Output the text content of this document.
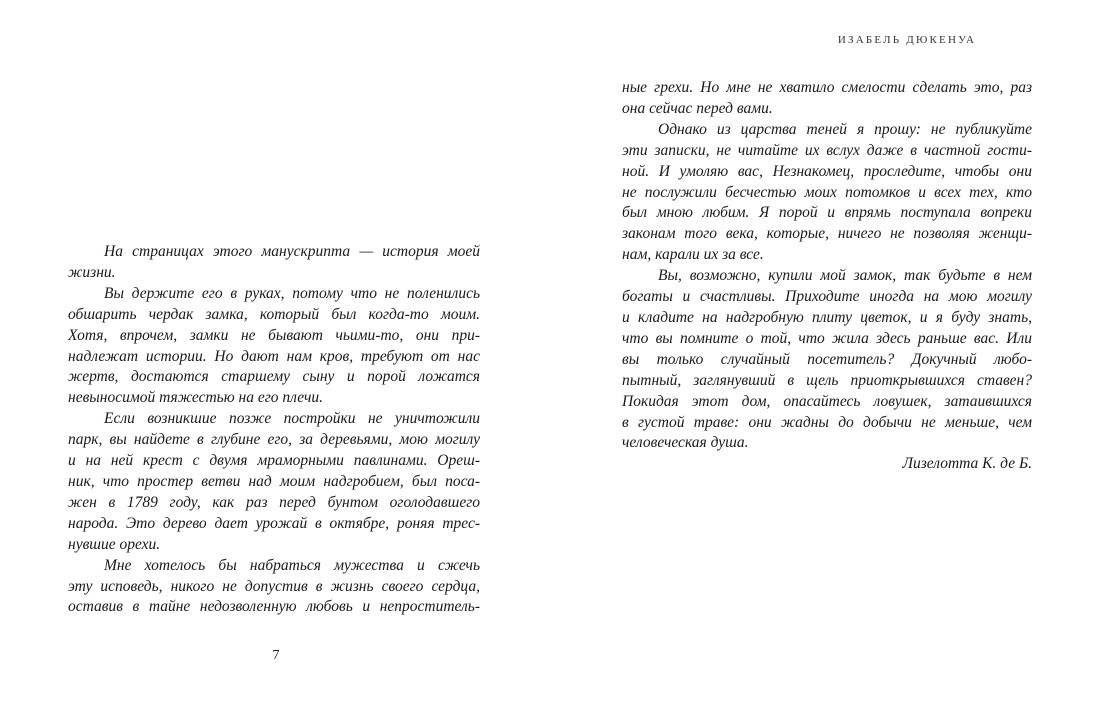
На страницах этого манускрипта — история моей

жизни.

Вы держите его в руках, потому что не поленились

обшарить чердак замка, который был когда-то моим.

Хотя, впрочем, замки не бывают чьими-то, они при-

надлежат истории. Но дают нам кров, требуют от нас

жертв, достаются старшему сыну и порой ложатся

невыносимой тяжестью на его плечи.

Если возникшие позже постройки не уничтожили

парк, вы найдете в глубине его, за деревьями, мою могилу

и на ней крест с двумя мраморными павлинами. Ореш-

ник, что простер ветви над моим надгробием, был поса-

жен в 1789 году, как раз перед бунтом оголодавшего

народа. Это дерево дает урожай в октябре, роняя трес-

нувшие орехи.

Мне хотелось бы набраться мужества и сжечь

эту исповедь, никого не допустив в жизнь своего сердца,

оставив в тайне недозволенную любовь и непроститель-

7
ИЗАБЕЛЬ ДЮКЕНУА

ные грехи. Но мне не хватило смелости сделать это, раз

она сейчас перед вами.

Однако из царства теней я прошу: не публикуйте

эти записки, не читайте их вслух даже в частной гости-

ной. И умоляю вас, Незнакомец, проследите, чтобы они

не послужили бесчестью моих потомков и всех тех, кто

был мною любим. Я порой и впрямь поступала вопреки

законам того века, которые, ничего не позволяя женщи-

нам, карали их за все.

Вы, возможно, купили мой замок, так будьте в нем

богаты и счастливы. Приходите иногда на мою могилу

и кладите на надгробную плиту цветок, и я буду знать,

что вы помните о той, что жила здесь раньше вас. Или

вы только случайный посетитель? Докучный любо-

пытный, заглянувший в щель приоткрывшихся ставен?

Покидая этот дом, опасайтесь ловушек, затаившихся

в густой траве: они жадны до добычи не меньше, чем

человеческая душа.

Лизелотта К. де Б.
